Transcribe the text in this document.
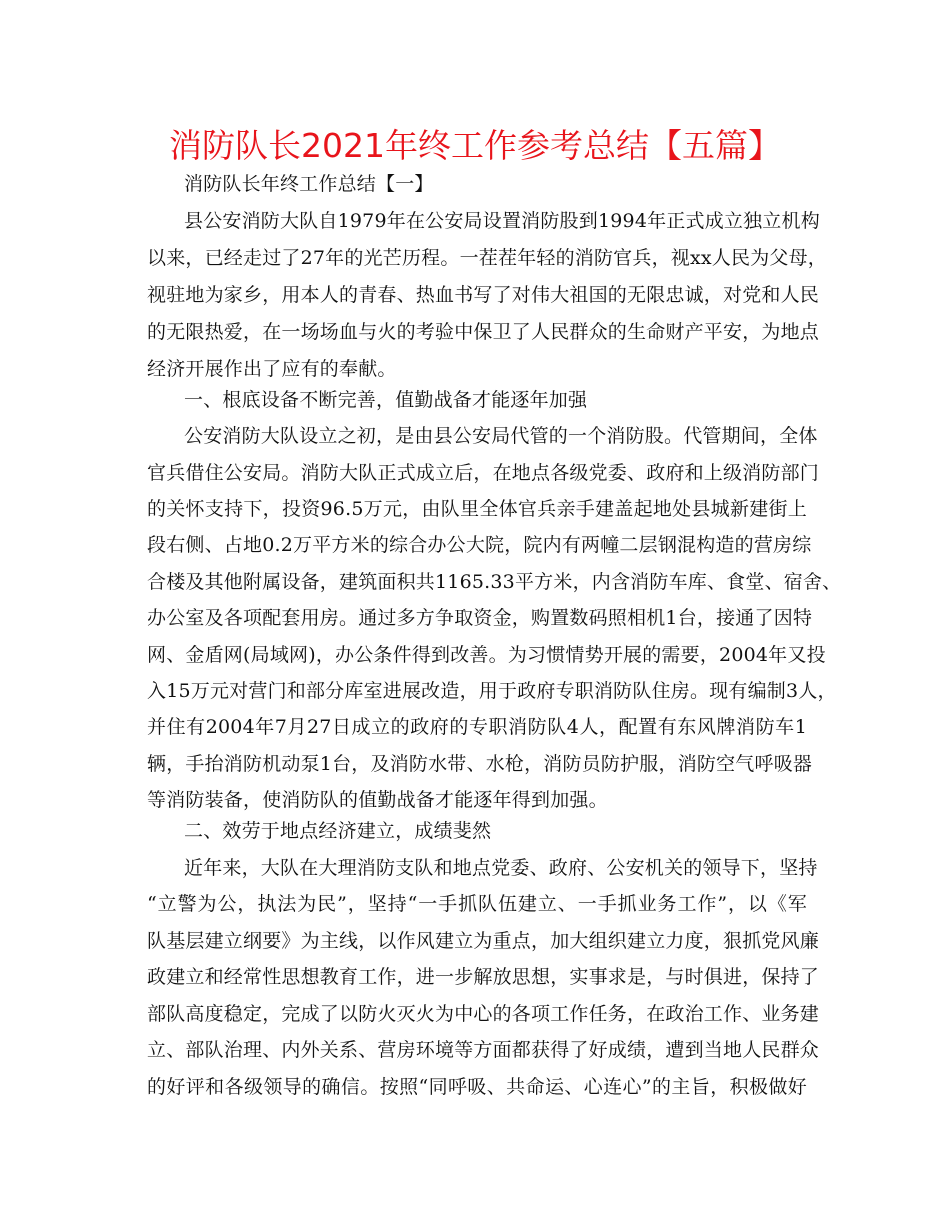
消防队长2021年终工作参考总结【五篇】
消防队长年终工作总结【一】
县公安消防大队自1979年在公安局设置消防股到1994年正式成立独立机构
以来，已经走过了27年的光芒历程。一茬茬年轻的消防官兵，视xx人民为父母，
视驻地为家乡，用本人的青春、热血书写了对伟大祖国的无限忠诚，对党和人民
的无限热爱，在一场场血与火的考验中保卫了人民群众的生命财产平安，为地点
经济开展作出了应有的奉献。
一、根底设备不断完善，值勤战备才能逐年加强
公安消防大队设立之初，是由县公安局代管的一个消防股。代管期间，全体
官兵借住公安局。消防大队正式成立后，在地点各级党委、政府和上级消防部门
的关怀支持下，投资96.5万元，由队里全体官兵亲手建盖起地处县城新建街上
段右侧、占地0.2万平方米的综合办公大院，院内有两幢二层钢混构造的营房综
合楼及其他附属设备，建筑面积共1165.33平方米，内含消防车库、食堂、宿舍、
办公室及各项配套用房。通过多方争取资金，购置数码照相机1台，接通了因特
网、金盾网(局域网)，办公条件得到改善。为习惯情势开展的需要，2004年又投
入15万元对营门和部分库室进展改造，用于政府专职消防队住房。现有编制3人，
并住有2004年7月27日成立的政府的专职消防队4人，配置有东风牌消防车1
辆，手抬消防机动泵1台，及消防水带、水枪，消防员防护服，消防空气呼吸器
等消防装备，使消防队的值勤战备才能逐年得到加强。
二、效劳于地点经济建立，成绩斐然
近年来，大队在大理消防支队和地点党委、政府、公安机关的领导下，坚持
“立警为公，执法为民”，坚持“一手抓队伍建立、一手抓业务工作”，以《军
队基层建立纲要》为主线，以作风建立为重点，加大组织建立力度，狠抓党风廉
政建立和经常性思想教育工作，进一步解放思想，实事求是，与时俱进，保持了
部队高度稳定，完成了以防火灭火为中心的各项工作任务，在政治工作、业务建
立、部队治理、内外关系、营房环境等方面都获得了好成绩，遭到当地人民群众
的好评和各级领导的确信。按照“同呼吸、共命运、心连心”的主旨，积极做好
